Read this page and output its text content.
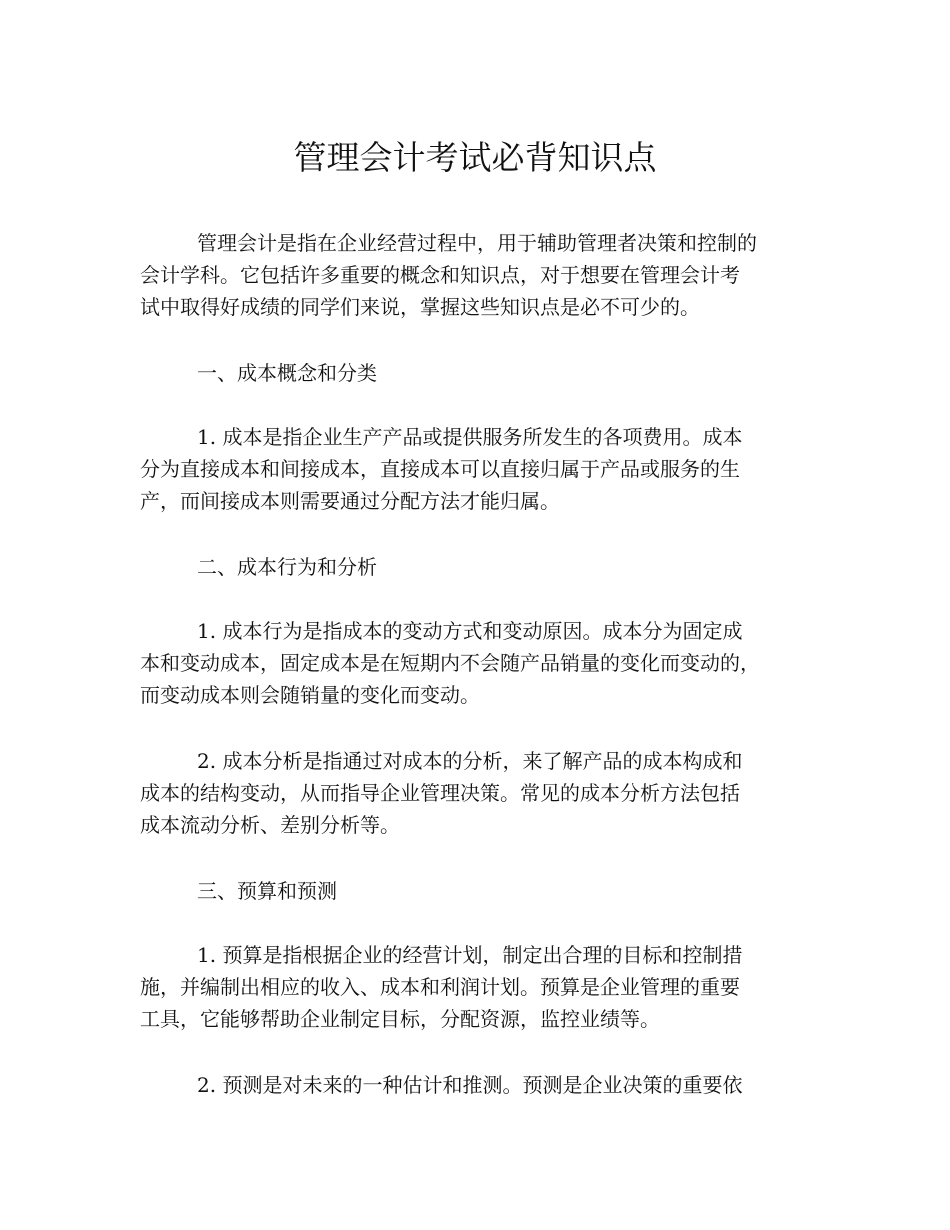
管理会计考试必背知识点
管理会计是指在企业经营过程中，用于辅助管理者决策和控制的
会计学科。它包括许多重要的概念和知识点，对于想要在管理会计考
试中取得好成绩的同学们来说，掌握这些知识点是必不可少的。
一、成本概念和分类
1. 成本是指企业生产产品或提供服务所发生的各项费用。成本
分为直接成本和间接成本，直接成本可以直接归属于产品或服务的生
产，而间接成本则需要通过分配方法才能归属。
二、成本行为和分析
1. 成本行为是指成本的变动方式和变动原因。成本分为固定成
本和变动成本，固定成本是在短期内不会随产品销量的变化而变动的，
而变动成本则会随销量的变化而变动。
2. 成本分析是指通过对成本的分析，来了解产品的成本构成和
成本的结构变动，从而指导企业管理决策。常见的成本分析方法包括
成本流动分析、差别分析等。
三、预算和预测
1. 预算是指根据企业的经营计划，制定出合理的目标和控制措
施，并编制出相应的收入、成本和利润计划。预算是企业管理的重要
工具，它能够帮助企业制定目标，分配资源，监控业绩等。
2. 预测是对未来的一种估计和推测。预测是企业决策的重要依
